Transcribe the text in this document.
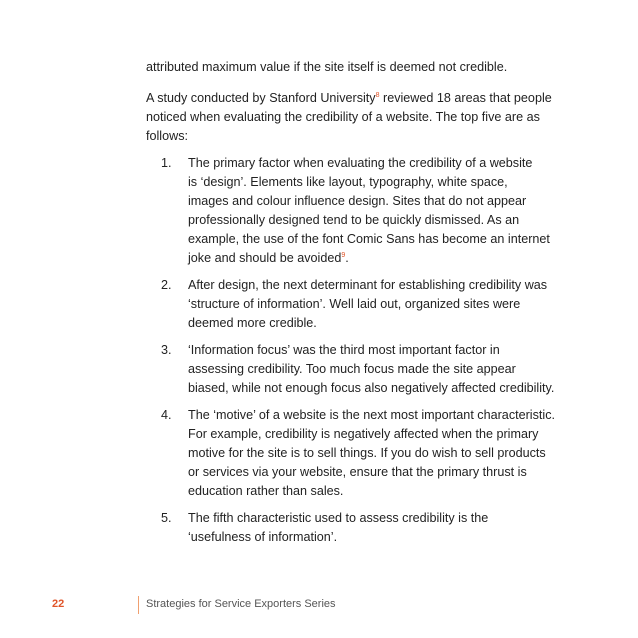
attributed maximum value if the site itself is deemed not credible.
A study conducted by Stanford University$^8$ reviewed 18 areas that people
noticed when evaluating the credibility of a website. The top five are as
follows:
1. The primary factor when evaluating the credibility of a website
is ‘design’. Elements like layout, typography, white space,
images and colour influence design. Sites that do not appear
professionally designed tend to be quickly dismissed. As an
example, the use of the font Comic Sans has become an internet
joke and should be avoided$^9$.
2. After design, the next determinant for establishing credibility was
‘structure of information’. Well laid out, organized sites were
deemed more credible.
3. ‘Information focus’ was the third most important factor in
assessing credibility. Too much focus made the site appear
biased, while not enough focus also negatively affected credibility.
4. The ‘motive’ of a website is the next most important characteristic.
For example, credibility is negatively affected when the primary
motive for the site is to sell things. If you do wish to sell products
or services via your website, ensure that the primary thrust is
education rather than sales.
5. The fifth characteristic used to assess credibility is the
‘usefulness of information’.
22	Strategies for Service Exporters Series
